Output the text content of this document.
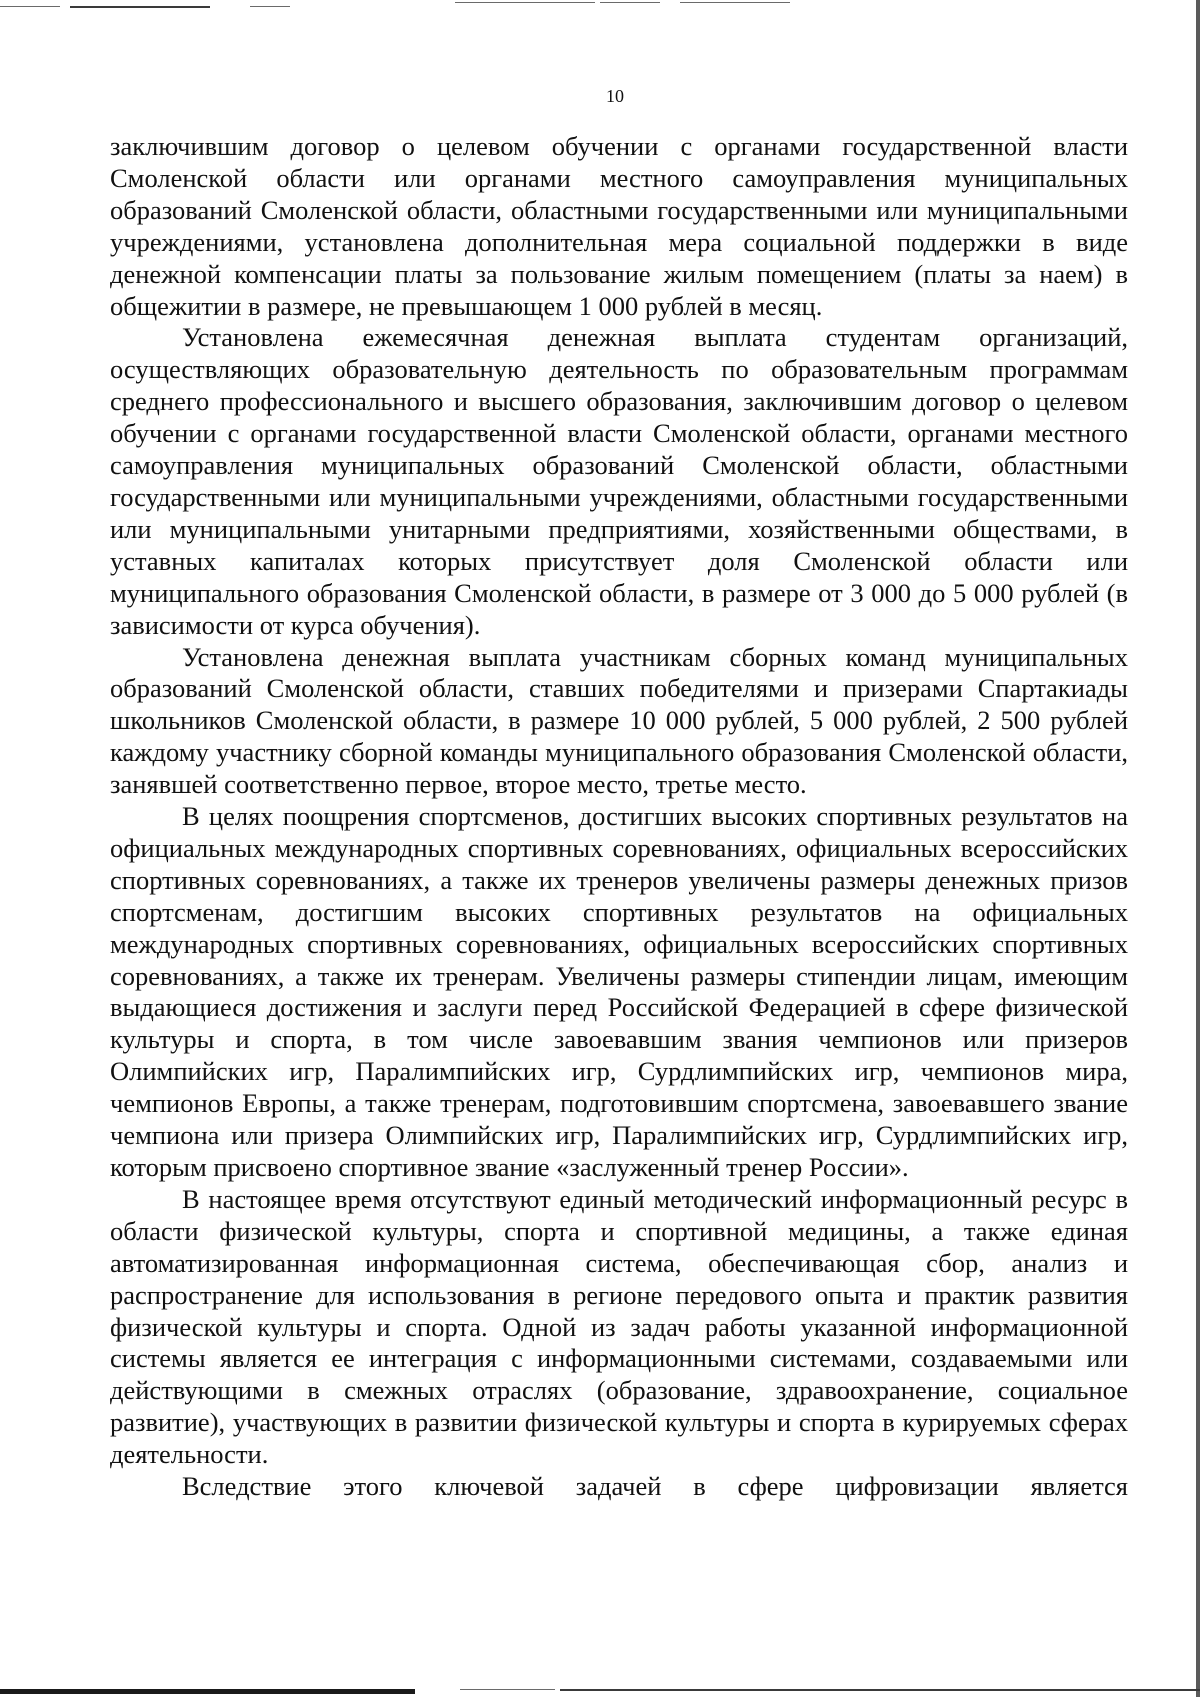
10

заключившим договор о целевом обучении с органами государственной власти Смоленской области или органами местного самоуправления муниципальных образований Смоленской области, областными государственными или муниципальными учреждениями, установлена дополнительная мера социальной поддержки в виде денежной компенсации платы за пользование жилым помещением (платы за наем) в общежитии в размере, не превышающем 1 000 рублей в месяц.

Установлена ежемесячная денежная выплата студентам организаций, осуществляющих образовательную деятельность по образовательным программам среднего профессионального и высшего образования, заключившим договор о целевом обучении с органами государственной власти Смоленской области, органами местного самоуправления муниципальных образований Смоленской области, областными государственными или муниципальными учреждениями, областными государственными или муниципальными унитарными предприятиями, хозяйственными обществами, в уставных капиталах которых присутствует доля Смоленской области или муниципального образования Смоленской области, в размере от 3 000 до 5 000 рублей (в зависимости от курса обучения).

Установлена денежная выплата участникам сборных команд муниципальных образований Смоленской области, ставших победителями и призерами Спартакиады школьников Смоленской области, в размере 10 000 рублей, 5 000 рублей, 2 500 рублей каждому участнику сборной команды муниципального образования Смоленской области, занявшей соответственно первое, второе место, третье место.

В целях поощрения спортсменов, достигших высоких спортивных результатов на официальных международных спортивных соревнованиях, официальных всероссийских спортивных соревнованиях, а также их тренеров увеличены размеры денежных призов спортсменам, достигшим высоких спортивных результатов на официальных международных спортивных соревнованиях, официальных всероссийских спортивных соревнованиях, а также их тренерам. Увеличены размеры стипендии лицам, имеющим выдающиеся достижения и заслуги перед Российской Федерацией в сфере физической культуры и спорта, в том числе завоевавшим звания чемпионов или призеров Олимпийских игр, Паралимпийских игр, Сурдлимпийских игр, чемпионов мира, чемпионов Европы, а также тренерам, подготовившим спортсмена, завоевавшего звание чемпиона или призера Олимпийских игр, Паралимпийских игр, Сурдлимпийских игр, которым присвоено спортивное звание «заслуженный тренер России».

В настоящее время отсутствуют единый методический информационный ресурс в области физической культуры, спорта и спортивной медицины, а также единая автоматизированная информационная система, обеспечивающая сбор, анализ и распространение для использования в регионе передового опыта и практик развития физической культуры и спорта. Одной из задач работы указанной информационной системы является ее интеграция с информационными системами, создаваемыми или действующими в смежных отраслях (образование, здравоохранение, социальное развитие), участвующих в развитии физической культуры и спорта в курируемых сферах деятельности.

Вследствие этого ключевой задачей в сфере цифровизации является
